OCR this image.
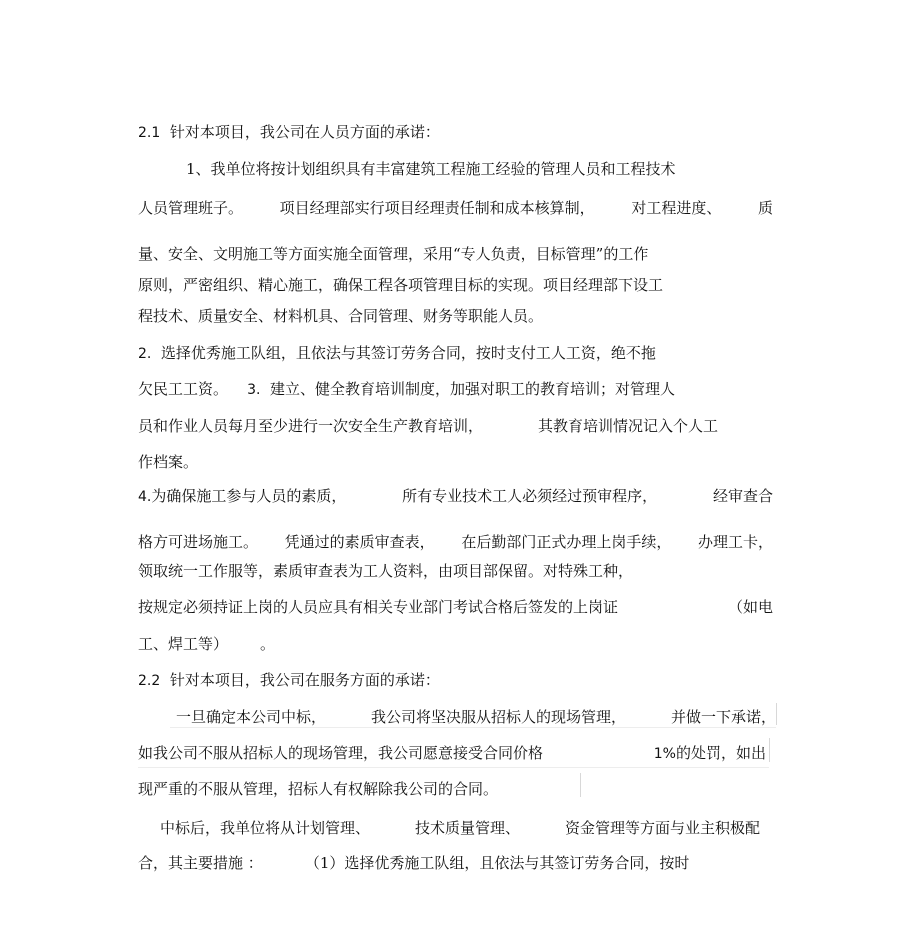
2.1 针对本项目，我公司在人员方面的承诺：
1、我单位将按计划组织具有丰富建筑工程施工经验的管理人员和工程技术
人员管理班子。 项目经理部实行项目经理责任制和成本核算制， 对工程进度、 质
量、安全、文明施工等方面实施全面管理，采用“专人负责，目标管理”的工作
原则，严密组织、精心施工，确保工程各项管理目标的实现。项目经理部下设工
程技术、质量安全、材料机具、合同管理、财务等职能人员。
2. 选择优秀施工队组，且依法与其签订劳务合同，按时支付工人工资，绝不拖
欠民工工资。 3. 建立、健全教育培训制度，加强对职工的教育培训；对管理人
员和作业人员每月至少进行一次安全生产教育培训，	其教育培训情况记入个人工
作档案。
4.为确保施工参与人员的素质，	所有专业技术工人必须经过预审程序，	经审查合
格方可进场施工。 凭通过的素质审查表， 在后勤部门正式办理上岗手续， 办理工卡，
领取统一工作服等，素质审查表为工人资料，由项目部保留。对特殊工种，
按规定必须持证上岗的人员应具有相关专业部门考试合格后签发的上岗证	（如电
工、焊工等） 。
2.2 针对本项目，我公司在服务方面的承诺：
一旦确定本公司中标，	我公司将坚决服从招标人的现场管理，	并做一下承诺，
如我公司不服从招标人的现场管理，我公司愿意接受合同价格	1%的处罚，如出
现严重的不服从管理，招标人有权解除我公司的合同。
中标后，我单位将从计划管理、	技术质量管理、	资金管理等方面与业主积极配
合，其主要措施 ：	（1）选择优秀施工队组，且依法与其签订劳务合同，按时
